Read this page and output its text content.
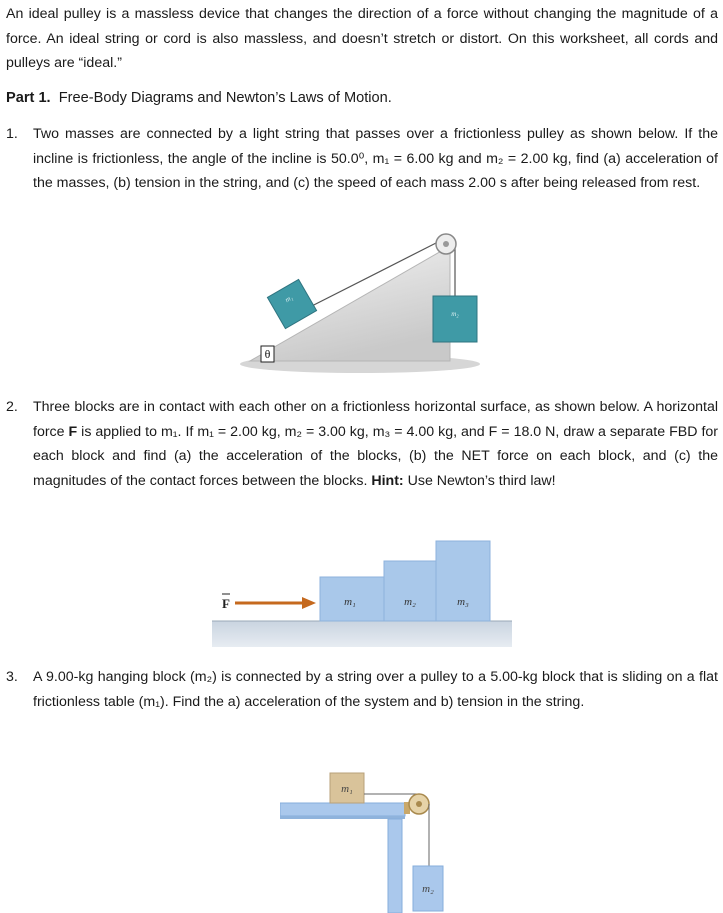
An ideal pulley is a massless device that changes the direction of a force without changing the magnitude of a force. An ideal string or cord is also massless, and doesn’t stretch or distort. On this worksheet, all cords and pulleys are “ideal.”

Part 1. Free-Body Diagrams and Newton’s Laws of Motion.
1.	Two masses are connected by a light string that passes over a frictionless pulley as shown below. If the incline is frictionless, the angle of the incline is 50.0⁰, m₁ = 6.00 kg and m₂ = 2.00 kg, find (a) acceleration of the masses, (b) tension in the string, and (c) the speed of each mass 2.00 s after being released from rest.
m₁
m₂
θ
2.	Three blocks are in contact with each other on a frictionless horizontal surface, as shown below. A horizontal force F is applied to m₁. If m₁ = 2.00 kg, m₂ = 3.00 kg, m₃ = 4.00 kg, and F = 18.0 N, draw a separate FBD for each block and find (a) the acceleration of the blocks, (b) the NET force on each block, and (c) the magnitudes of the contact forces between the blocks. Hint: Use Newton’s third law!
m₁	m₂	m₃
F
3.	A 9.00-kg hanging block (m₂) is connected by a string over a pulley to a 5.00-kg block that is sliding on a flat frictionless table (m₁). Find the a) acceleration of the system and b) tension in the string.
m₁
m₂
